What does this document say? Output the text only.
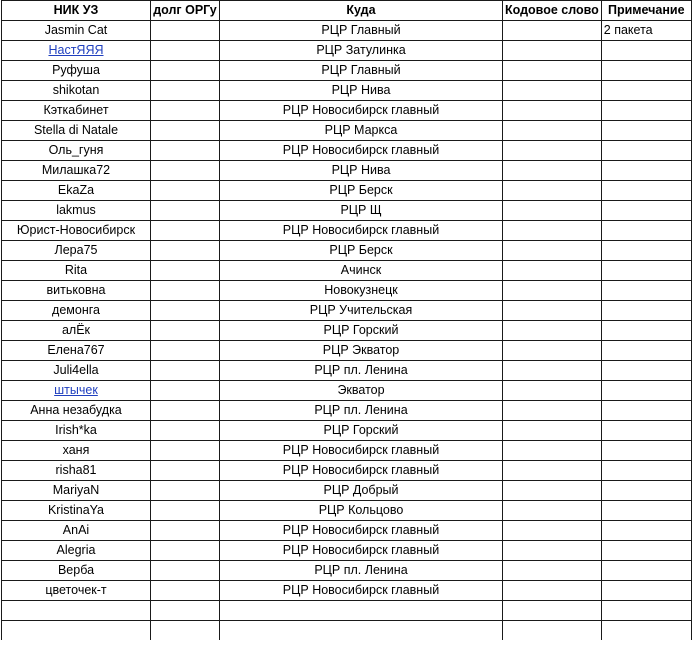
НИК УЗ	долг ОРГу	Куда	Кодовое слово	Примечание
Jasmin Cat		РЦР Главный		2 пакета
НастЯЯЯ		РЦР Затулинка		
Руфуша		РЦР Главный		
shikotan		РЦР Нива		
Кэткабинет		РЦР Новосибирск главный		
Stella di Natale		РЦР Маркса		
Оль_гуня		РЦР Новосибирск главный		
Милашка72		РЦР Нива		
EkaZa		РЦР Берск		
lakmus		РЦР Щ		
Юрист-Новосибирск		РЦР Новосибирск главный		
Лера75		РЦР Берск		
Rita		Ачинск		
витьковна		Новокузнецк		
демонга		РЦР Учительская		
алЁк		РЦР Горский		
Елена767		РЦР Экватор		
Juli4ella		РЦР пл. Ленина		
штычек		Экватор		
Анна незабудка		РЦР пл. Ленина		
Irish*ka		РЦР Горский		
ханя		РЦР Новосибирск главный		
risha81		РЦР Новосибирск главный		
MariyaN		РЦР Добрый		
KristinaYa		РЦР Кольцово		
AnAi		РЦР Новосибирск главный		
Alegria		РЦР Новосибирск главный		
Верба		РЦР пл. Ленина		
цветочек-т		РЦР Новосибирск главный		
